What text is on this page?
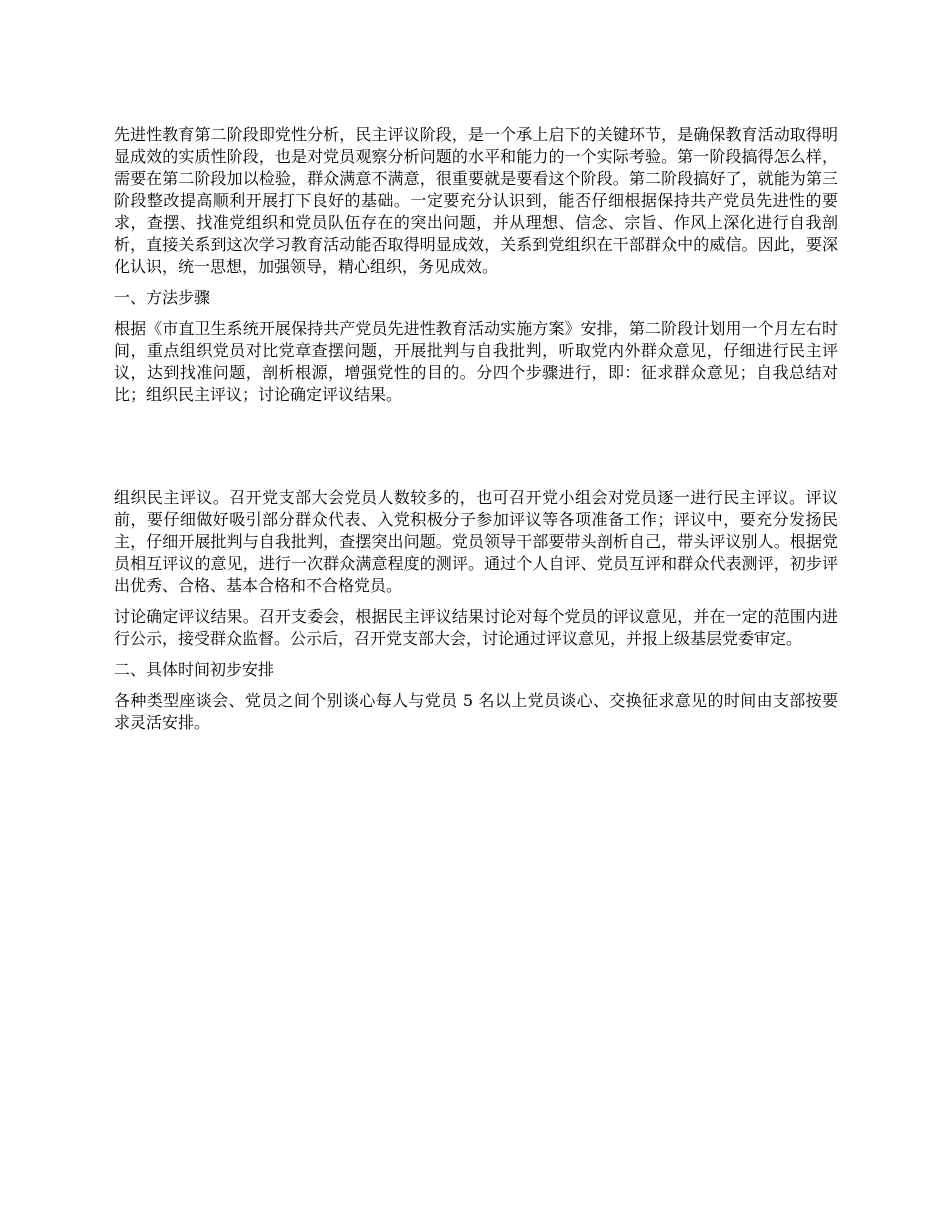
先进性教育第二阶段即党性分析，民主评议阶段，是一个承上启下的关键环节，是确保教育活动取得明显成效的实质性阶段，也是对党员观察分析问题的水平和能力的一个实际考验。第一阶段搞得怎么样，需要在第二阶段加以检验，群众满意不满意，很重要就是要看这个阶段。第二阶段搞好了，就能为第三阶段整改提高顺利开展打下良好的基础。一定要充分认识到，能否仔细根据保持共产党员先进性的要求，查摆、找准党组织和党员队伍存在的突出问题，并从理想、信念、宗旨、作风上深化进行自我剖析，直接关系到这次学习教育活动能否取得明显成效，关系到党组织在干部群众中的威信。因此，要深化认识，统一思想，加强领导，精心组织，务见成效。

一、方法步骤

根据《市直卫生系统开展保持共产党员先进性教育活动实施方案》安排，第二阶段计划用一个月左右时间，重点组织党员对比党章查摆问题，开展批判与自我批判，听取党内外群众意见，仔细进行民主评议，达到找准问题，剖析根源，增强党性的目的。分四个步骤进行，即：征求群众意见；自我总结对比；组织民主评议；讨论确定评议结果。

组织民主评议。召开党支部大会党员人数较多的，也可召开党小组会对党员逐一进行民主评议。评议前，要仔细做好吸引部分群众代表、入党积极分子参加评议等各项准备工作；评议中，要充分发扬民主，仔细开展批判与自我批判，查摆突出问题。党员领导干部要带头剖析自己，带头评议别人。根据党员相互评议的意见，进行一次群众满意程度的测评。通过个人自评、党员互评和群众代表测评，初步评出优秀、合格、基本合格和不合格党员。

讨论确定评议结果。召开支委会，根据民主评议结果讨论对每个党员的评议意见，并在一定的范围内进行公示，接受群众监督。公示后，召开党支部大会，讨论通过评议意见，并报上级基层党委审定。

二、具体时间初步安排

各种类型座谈会、党员之间个别谈心每人与党员 5 名以上党员谈心、交换征求意见的时间由支部按要求灵活安排。
